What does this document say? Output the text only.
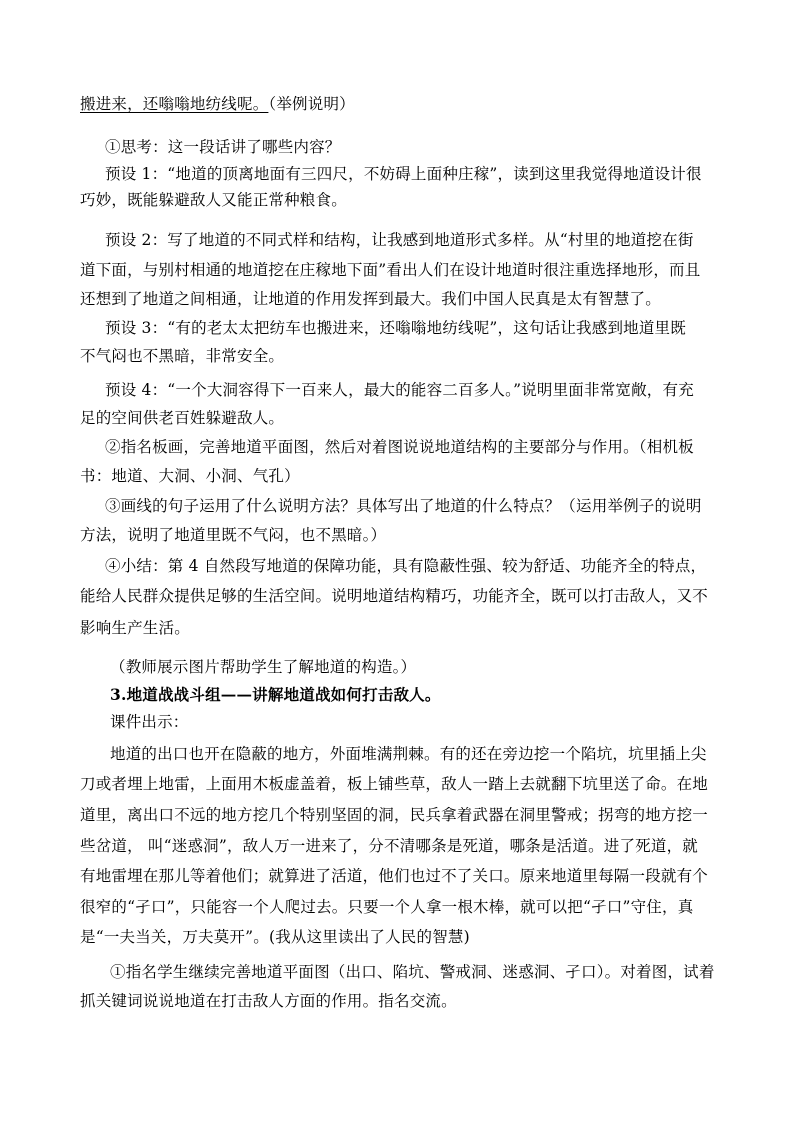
搬进来，还嗡嗡地纺线呢。（举例说明）
①思考：这一段话讲了哪些内容？
预设 1：“地道的顶离地面有三四尺，不妨碍上面种庄稼”，读到这里我觉得地道设计很
巧妙，既能躲避敌人又能正常种粮食。
预设 2：写了地道的不同式样和结构，让我感到地道形式多样。从“村里的地道挖在街
道下面，与别村相通的地道挖在庄稼地下面”看出人们在设计地道时很注重选择地形，而且
还想到了地道之间相通，让地道的作用发挥到最大。我们中国人民真是太有智慧了。
预设 3：“有的老太太把纺车也搬进来，还嗡嗡地纺线呢”，这句话让我感到地道里既
不气闷也不黑暗，非常安全。
预设 4：“一个大洞容得下一百来人，最大的能容二百多人。”说明里面非常宽敞，有充
足的空间供老百姓躲避敌人。
②指名板画，完善地道平面图，然后对着图说说地道结构的主要部分与作用。（相机板
书：地道、大洞、小洞、气孔）
③画线的句子运用了什么说明方法？具体写出了地道的什么特点？（运用举例子的说明
方法，说明了地道里既不气闷，也不黑暗。）
④小结：第 4 自然段写地道的保障功能，具有隐蔽性强、较为舒适、功能齐全的特点，
能给人民群众提供足够的生活空间。说明地道结构精巧，功能齐全，既可以打击敌人，又不
影响生产生活。
（教师展示图片帮助学生了解地道的构造。）
3.地道战战斗组——讲解地道战如何打击敌人。
课件出示：
地道的出口也开在隐蔽的地方，外面堆满荆棘。有的还在旁边挖一个陷坑，坑里插上尖
刀或者埋上地雷，上面用木板虚盖着，板上铺些草，敌人一踏上去就翻下坑里送了命。在地
道里，离出口不远的地方挖几个特别坚固的洞，民兵拿着武器在洞里警戒；拐弯的地方挖一
些岔道， 叫“迷惑洞”，敌人万一进来了，分不清哪条是死道，哪条是活道。进了死道，就
有地雷埋在那儿等着他们；就算进了活道，他们也过不了关口。原来地道里每隔一段就有个
很窄的“孑口”，只能容一个人爬过去。只要一个人拿一根木棒，就可以把“孑口”守住，真
是“一夫当关，万夫莫开”。(我从这里读出了人民的智慧)
①指名学生继续完善地道平面图（出口、陷坑、警戒洞、迷惑洞、孑口）。对着图，试着
抓关键词说说地道在打击敌人方面的作用。指名交流。
